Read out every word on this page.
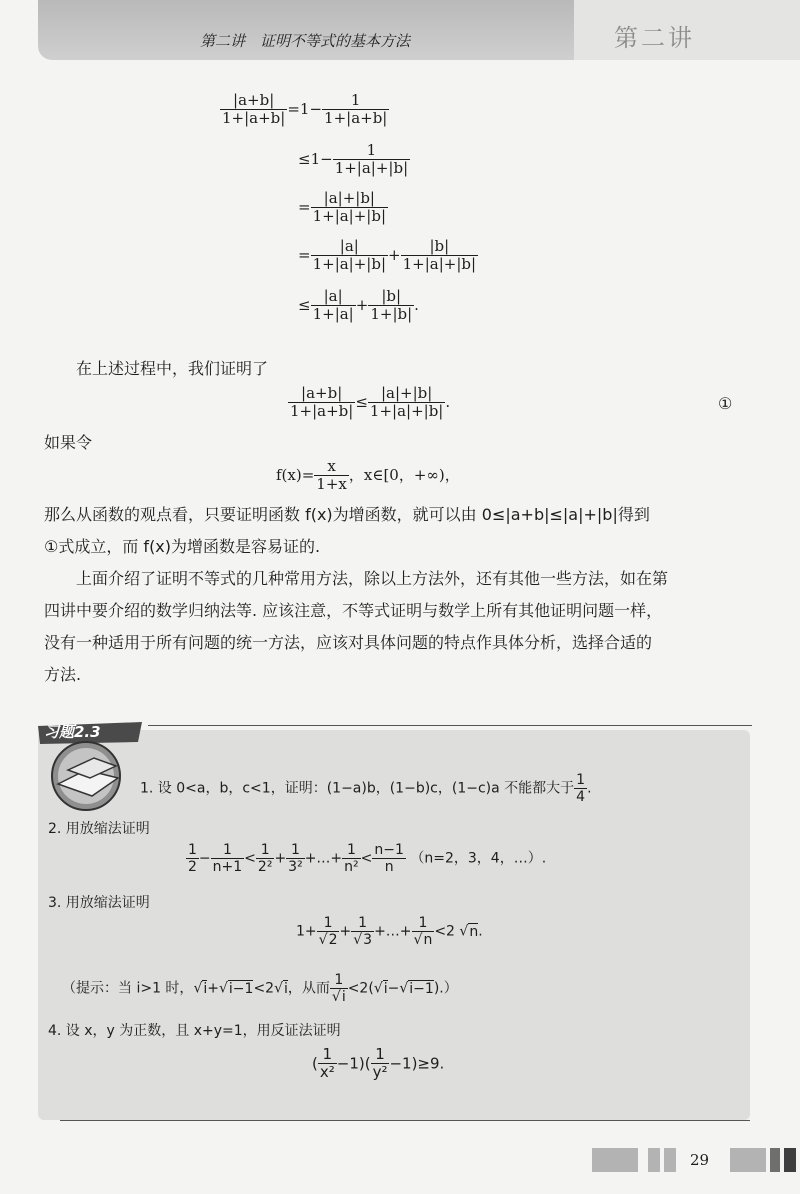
第二讲　证明不等式的基本方法	第二讲
$\frac{|a+b|}{1+|a+b|} =1- \frac{1}{1+|a+b|}$
$\le 1- \frac{1}{1+|a|+|b|}$
= $\frac{|a|+|b|}{1+|a|+|b|}$
= $\frac{|a|}{1+|a|+|b|} + \frac{|b|}{1+|a|+|b|}$
≤ $\frac{|a|}{1+|a|} + \frac{|b|}{1+|b|}$ .
在上述过程中，我们证明了
$\frac{|a+b|}{1+|a+b|} \le \frac{|a|+|b|}{1+|a|+|b|}$ .	①
如果令
$f(x)= \frac{x}{1+x}$ ，x∈[0，+∞)，
那么从函数的观点看，只要证明函数 f(x)为增函数，就可以由 0≤|a+b|≤|a|+|b|得到
①式成立，而 f(x)为增函数是容易证的.
上面介绍了证明不等式的几种常用方法，除以上方法外，还有其他一些方法，如在第
四讲中要介绍的数学归纳法等. 应该注意，不等式证明与数学上所有其他证明问题一样，
没有一种适用于所有问题的统一方法，应该对具体问题的特点作具体分析，选择合适的
方法.
习题2.3
1. 设 0<a，b，c<1，证明：(1−a)b，(1−b)c，(1−c)a 不能都大于 $\frac{1}{4}$ .
2. 用放缩法证明
$\frac{1}{2} - \frac{1}{n+1} < \frac{1}{\text{2²}} + \frac{1}{\text{3²}}$ +…+ $\frac{1}{\text{n²}} < \frac{n-1}{n} (n=2$，3，4，…）.
3. 用放缩法证明
$1+ \frac{1}{√2} + \frac{1}{√3}$ +…+ $\frac{1}{√n} <2$ √n.
（提示：当 i>1 时，√i+√i−1<2√i，从而 $\frac{1}{√i} <2(√i-√i-1)$.）
4. 设 x，y 为正数，且 x+y=1，用反证法证明
( $\frac{1}{\text{x²}} -1)( \frac{1}{\text{y²}} -1)\ge 9$.
29
